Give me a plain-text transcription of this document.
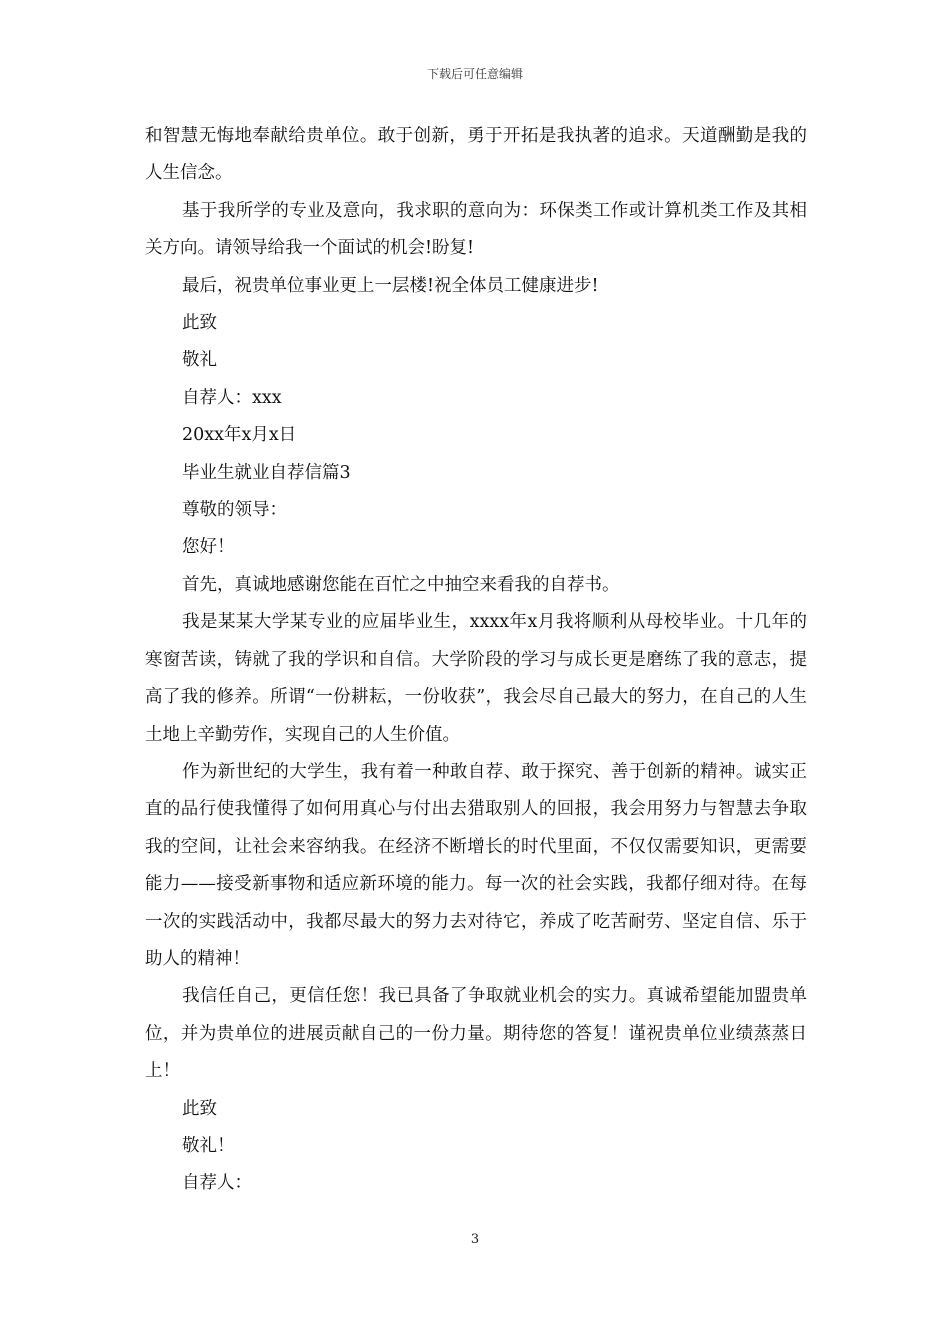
下载后可任意编辑

和智慧无悔地奉献给贵单位。敢于创新，勇于开拓是我执著的追求。天道酬勤是我的人生信念。

基于我所学的专业及意向，我求职的意向为：环保类工作或计算机类工作及其相关方向。请领导给我一个面试的机会!盼复!

最后，祝贵单位事业更上一层楼!祝全体员工健康进步!

此致

敬礼

自荐人：xxx

20xx年x月x日

毕业生就业自荐信篇3

尊敬的领导：

您好！

首先，真诚地感谢您能在百忙之中抽空来看我的自荐书。

我是某某大学某专业的应届毕业生，xxxx年x月我将顺利从母校毕业。十几年的寒窗苦读，铸就了我的学识和自信。大学阶段的学习与成长更是磨练了我的意志，提高了我的修养。所谓“一份耕耘，一份收获”，我会尽自己最大的努力，在自己的人生土地上辛勤劳作，实现自己的人生价值。

作为新世纪的大学生，我有着一种敢自荐、敢于探究、善于创新的精神。诚实正直的品行使我懂得了如何用真心与付出去猎取别人的回报，我会用努力与智慧去争取我的空间，让社会来容纳我。在经济不断增长的时代里面，不仅仅需要知识，更需要能力——接受新事物和适应新环境的能力。每一次的社会实践，我都仔细对待。在每一次的实践活动中，我都尽最大的努力去对待它，养成了吃苦耐劳、坚定自信、乐于助人的精神！

我信任自己，更信任您！我已具备了争取就业机会的实力。真诚希望能加盟贵单位，并为贵单位的进展贡献自己的一份力量。期待您的答复！谨祝贵单位业绩蒸蒸日上！

此致

敬礼！

自荐人：

3
